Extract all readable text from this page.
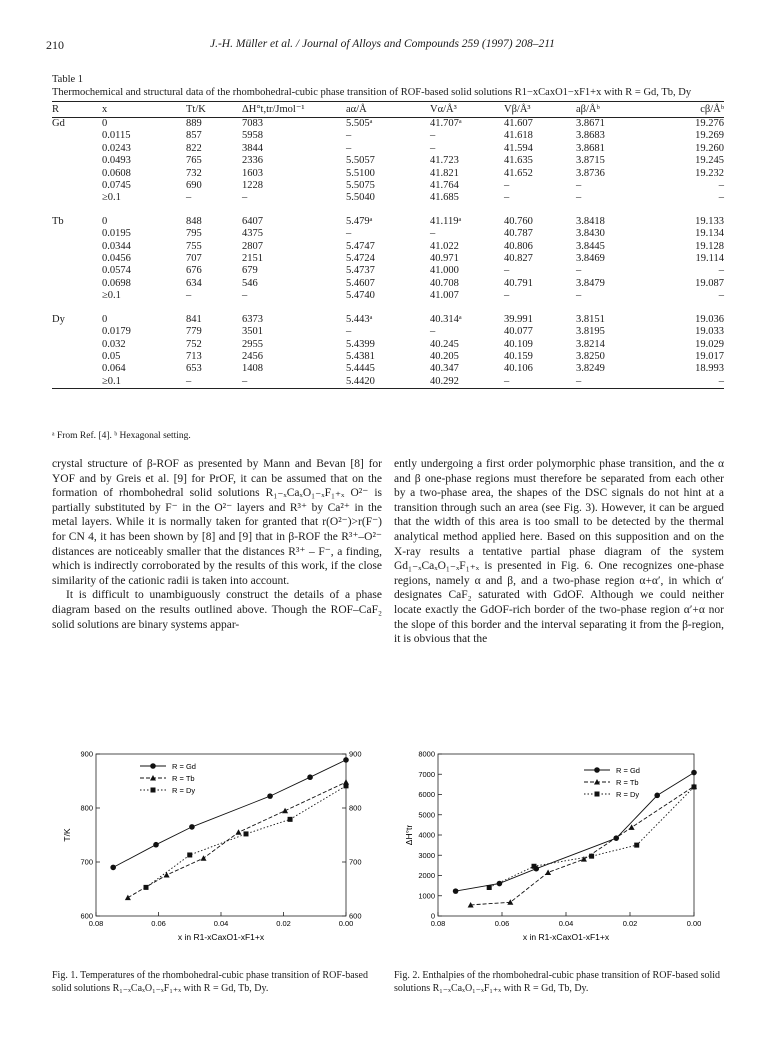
210	J.-H. Müller et al. / Journal of Alloys and Compounds 259 (1997) 208–211
Table 1
Thermochemical and structural data of the rhombohedral-cubic phase transition of ROF-based solid solutions R1−xCaxO1−xF1+x with R = Gd, Tb, Dy
R	x	Tt/K	ΔH°t,tr/Jmol⁻¹	aα/Å	Vα/Å³	Vβ/Å³	aβ/Åᵇ	cβ/Åᵇ
Gd	0	889	7083	5.505ᵃ	41.707ᵃ	41.607	3.8671	19.276
	0.0115	857	5958	–	–	41.618	3.8683	19.269
	0.0243	822	3844	–	–	41.594	3.8681	19.260
	0.0493	765	2336	5.5057	41.723	41.635	3.8715	19.245
	0.0608	732	1603	5.5100	41.821	41.652	3.8736	19.232
	0.0745	690	1228	5.5075	41.764	–	–	–
	≥0.1	–	–	5.5040	41.685	–	–	–

Tb	0	848	6407	5.479ᵃ	41.119ᵃ	40.760	3.8418	19.133
	0.0195	795	4375	–	–	40.787	3.8430	19.134
	0.0344	755	2807	5.4747	41.022	40.806	3.8445	19.128
	0.0456	707	2151	5.4724	40.971	40.827	3.8469	19.114
	0.0574	676	679	5.4737	41.000	–	–	–
	0.0698	634	546	5.4607	40.708	40.791	3.8479	19.087
	≥0.1	–	–	5.4740	41.007	–	–	–

Dy	0	841	6373	5.443ᵃ	40.314ᵃ	39.991	3.8151	19.036
	0.0179	779	3501	–	–	40.077	3.8195	19.033
	0.032	752	2955	5.4399	40.245	40.109	3.8214	19.029
	0.05	713	2456	5.4381	40.205	40.159	3.8250	19.017
	0.064	653	1408	5.4445	40.347	40.106	3.8249	18.993
	≥0.1	–	–	5.4420	40.292	–	–	–
ᵃ From Ref. [4]. ᵇ Hexagonal setting.

crystal structure of β-ROF as presented by Mann and Bevan [8] for YOF and by Greis et al. [9] for PrOF, it can be assumed that on the formation of rhombohedral solid solutions R₁₋ₓCaₓO₁₋ₓF₁₊ₓ O²⁻ is partially substituted by F⁻ in the O²⁻ layers and R³⁺ by Ca²⁺ in the metal layers. While it is normally taken for granted that r(O²⁻)>r(F⁻) for CN 4, it has been shown by [8] and [9] that in β-ROF the R³⁺–O²⁻ distances are noticeably smaller that the distances R³⁺ – F⁻, a finding, which is indirectly corroborated by the results of this work, if the close similarity of the cationic radii is taken into account.

It is difficult to unambiguously construct the details of a phase diagram based on the results outlined above. Though the ROF–CaF₂ solid solutions are binary systems appar-

ently undergoing a first order polymorphic phase transition, and the α and β one-phase regions must therefore be separated from each other by a two-phase area, the shapes of the DSC signals do not hint at a transition through such an area (see Fig. 3). However, it can be argued that the width of this area is too small to be detected by the thermal analytical method applied here. Based on this supposition and on the X-ray results a tentative partial phase diagram of the system Gd₁₋ₓCaₓO₁₋ₓF₁₊ₓ is presented in Fig. 6. One recognizes one-phase regions, namely α and β, and a two-phase region α+α′, in which α′ designates CaF₂ saturated with GdOF. Although we could neither locate exactly the GdOF-rich border of the two-phase region α′+α nor the slope of this border and the interval separating it from the β-region, it is obvious that the

0.08	0.06	0.04	0.02	0.00
600	600
700	700
800	800
900	900
x in R1-xCaxO1-xF1+x
T/K
R = Gd
R = Tb
R = Dy
0.08	0.06	0.04	0.02	0.00
0
1000
2000
3000
4000
5000
6000
7000
8000
x in R1-xCaxO1-xF1+x
ΔH°tr
R = Gd
R = Tb
R = Dy
Fig. 1. Temperatures of the rhombohedral-cubic phase transition of ROF-based solid solutions R₁₋ₓCaₓO₁₋ₓF₁₊ₓ with R = Gd, Tb, Dy.
Fig. 2. Enthalpies of the rhombohedral-cubic phase transition of ROF-based solid solutions R₁₋ₓCaₓO₁₋ₓF₁₊ₓ with R = Gd, Tb, Dy.
